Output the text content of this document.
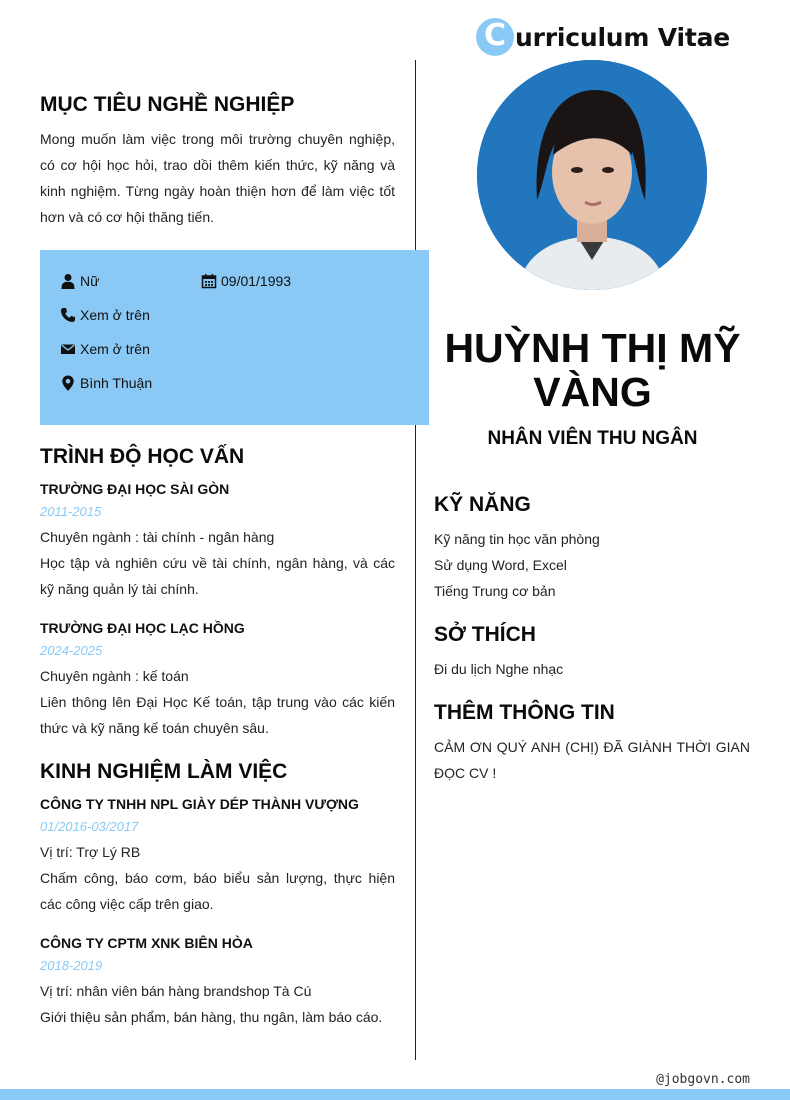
C urriculum Vitae
MỤC TIÊU NGHỀ NGHIỆP
Mong muốn làm việc trong môi trường chuyên nghiệp, có cơ hội học hỏi, trao dồi thêm kiến thức, kỹ năng và kinh nghiệm. Từng ngày hoàn thiện hơn để làm việc tốt hơn và có cơ hội thăng tiến.
Nữ	09/01/1993
Xem ở trên
Xem ở trên
Bình Thuận
TRÌNH ĐỘ HỌC VẤN
TRƯỜNG ĐẠI HỌC SÀI GÒN
2011-2015
Chuyên ngành : tài chính - ngân hàng
Học tập và nghiên cứu về tài chính, ngân hàng, và các kỹ năng quản lý tài chính.
TRƯỜNG ĐẠI HỌC LẠC HỒNG
2024-2025
Chuyên ngành : kế toán
Liên thông lên Đại Học Kế toán, tập trung vào các kiến thức và kỹ năng kế toán chuyên sâu.
KINH NGHIỆM LÀM VIỆC
CÔNG TY TNHH NPL GIÀY DÉP THÀNH VƯỢNG
01/2016-03/2017
Vị trí: Trợ Lý RB
Chấm công, báo cơm, báo biểu sản lượng, thực hiện các công việc cấp trên giao.
CÔNG TY CPTM XNK BIÊN HÒA
2018-2019
Vị trí: nhân viên bán hàng brandshop Tà Cú
Giới thiệu sản phẩm, bán hàng, thu ngân, làm báo cáo.
HUỲNH THỊ MỸ VÀNG
NHÂN VIÊN THU NGÂN
KỸ NĂNG
Kỹ năng tin học văn phòng
Sử dụng Word, Excel
Tiếng Trung cơ bản
SỞ THÍCH
Đi du lịch Nghe nhạc
THÊM THÔNG TIN
CẢM ƠN QUÝ ANH (CHỊ) ĐÃ GIÀNH THỜI GIAN ĐỌC CV !
@jobgovn.com
